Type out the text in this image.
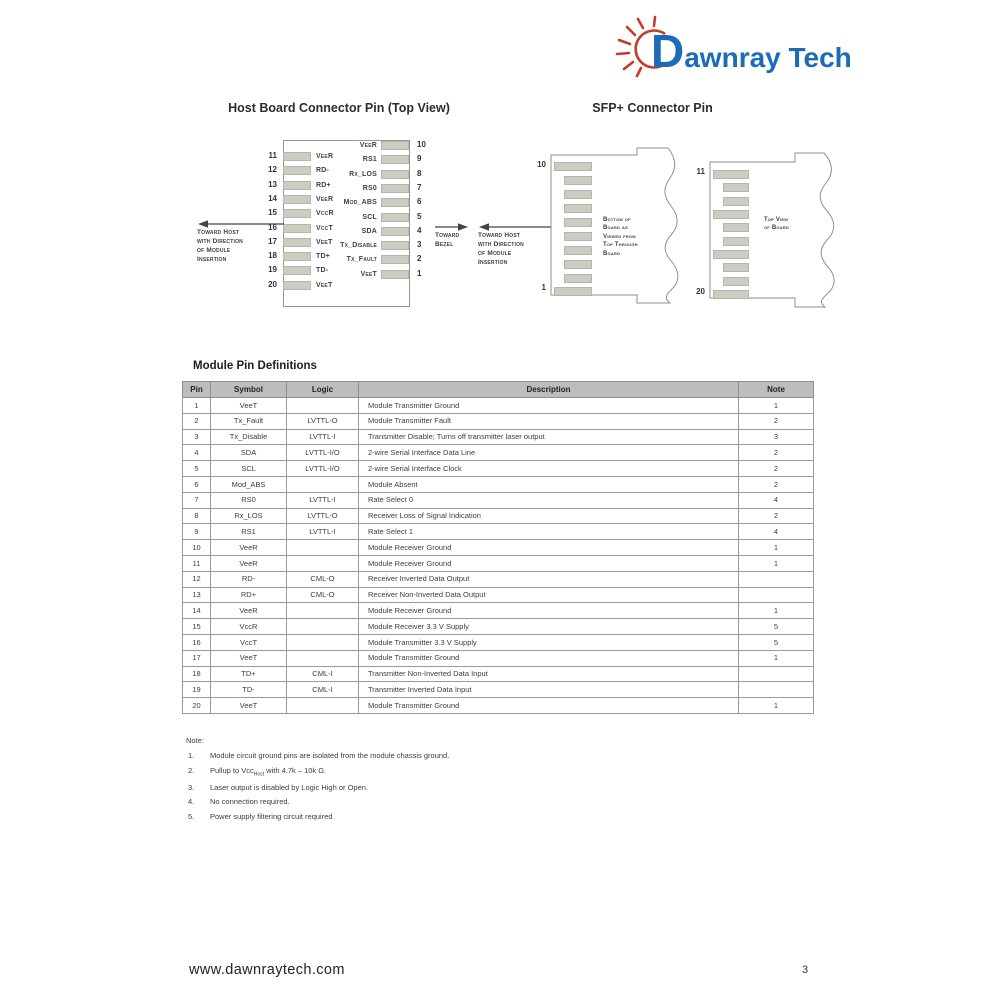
Dawnray Tech
Host Board Connector Pin (Top View)	SFP+ Connector Pin
11	VeeR
12	RD-
13	RD+
14	VeeR
15	VccR
16	VccT
17	VeeT
18	TD+
19	TD-
20	VeeT
VeeR	10
RS1	9
Rx_LOS	8
RS0	7
Mod_ABS	6
SCL	5
SDA	4
Tx_Disable	3
Tx_Fault	2
VeeT	1
Toward Host
with Direction
of Module
Insertion
Toward
Bezel
Toward Host
with Direction
of Module
Insertion
10
1
Bottom of
Board as
Viewed from
Top Through
Board
11
20
Top View
of Board
Module Pin Definitions
Pin	Symbol	Logic	Description	Note
1	VeeT		Module Transmitter Ground	1
2	Tx_Fault	LVTTL-O	Module Transmitter Fault	2
3	Tx_Disable	LVTTL-I	Transmitter Disable; Turns off transmitter laser output	3
4	SDA	LVTTL-I/O	2-wire Serial Interface Data Line	2
5	SCL	LVTTL-I/O	2-wire Serial Interface Clock	2
6	Mod_ABS		Module Absent	2
7	RS0	LVTTL-I	Rate Select 0	4
8	Rx_LOS	LVTTL-O	Receiver Loss of Signal Indication	2
9	RS1	LVTTL-I	Rate Select 1	4
10	VeeR		Module Receiver Ground	1
11	VeeR		Module Receiver Ground	1
12	RD-	CML-O	Receiver Inverted Data Output	
13	RD+	CML-O	Receiver Non-Inverted Data Output	
14	VeeR		Module Receiver Ground	1
15	VccR		Module Receiver 3.3 V Supply	5
16	VccT		Module Transmitter 3.3 V Supply	5
17	VeeT		Module Transmitter Ground	1
18	TD+	CML-I	Transmitter Non-Inverted Data Input	
19	TD-	CML-I	Transmitter Inverted Data Input	
20	VeeT		Module Transmitter Ground	1
Note:
1. Module circuit ground pins are isolated from the module chassis ground.
2. Pullup to Vcc$_{Host}$ with 4.7k – 10k Ω.
3. Laser output is disabled by Logic High or Open.
4. No connection required.
5. Power supply filtering circuit required
www.dawnraytech.com	3
